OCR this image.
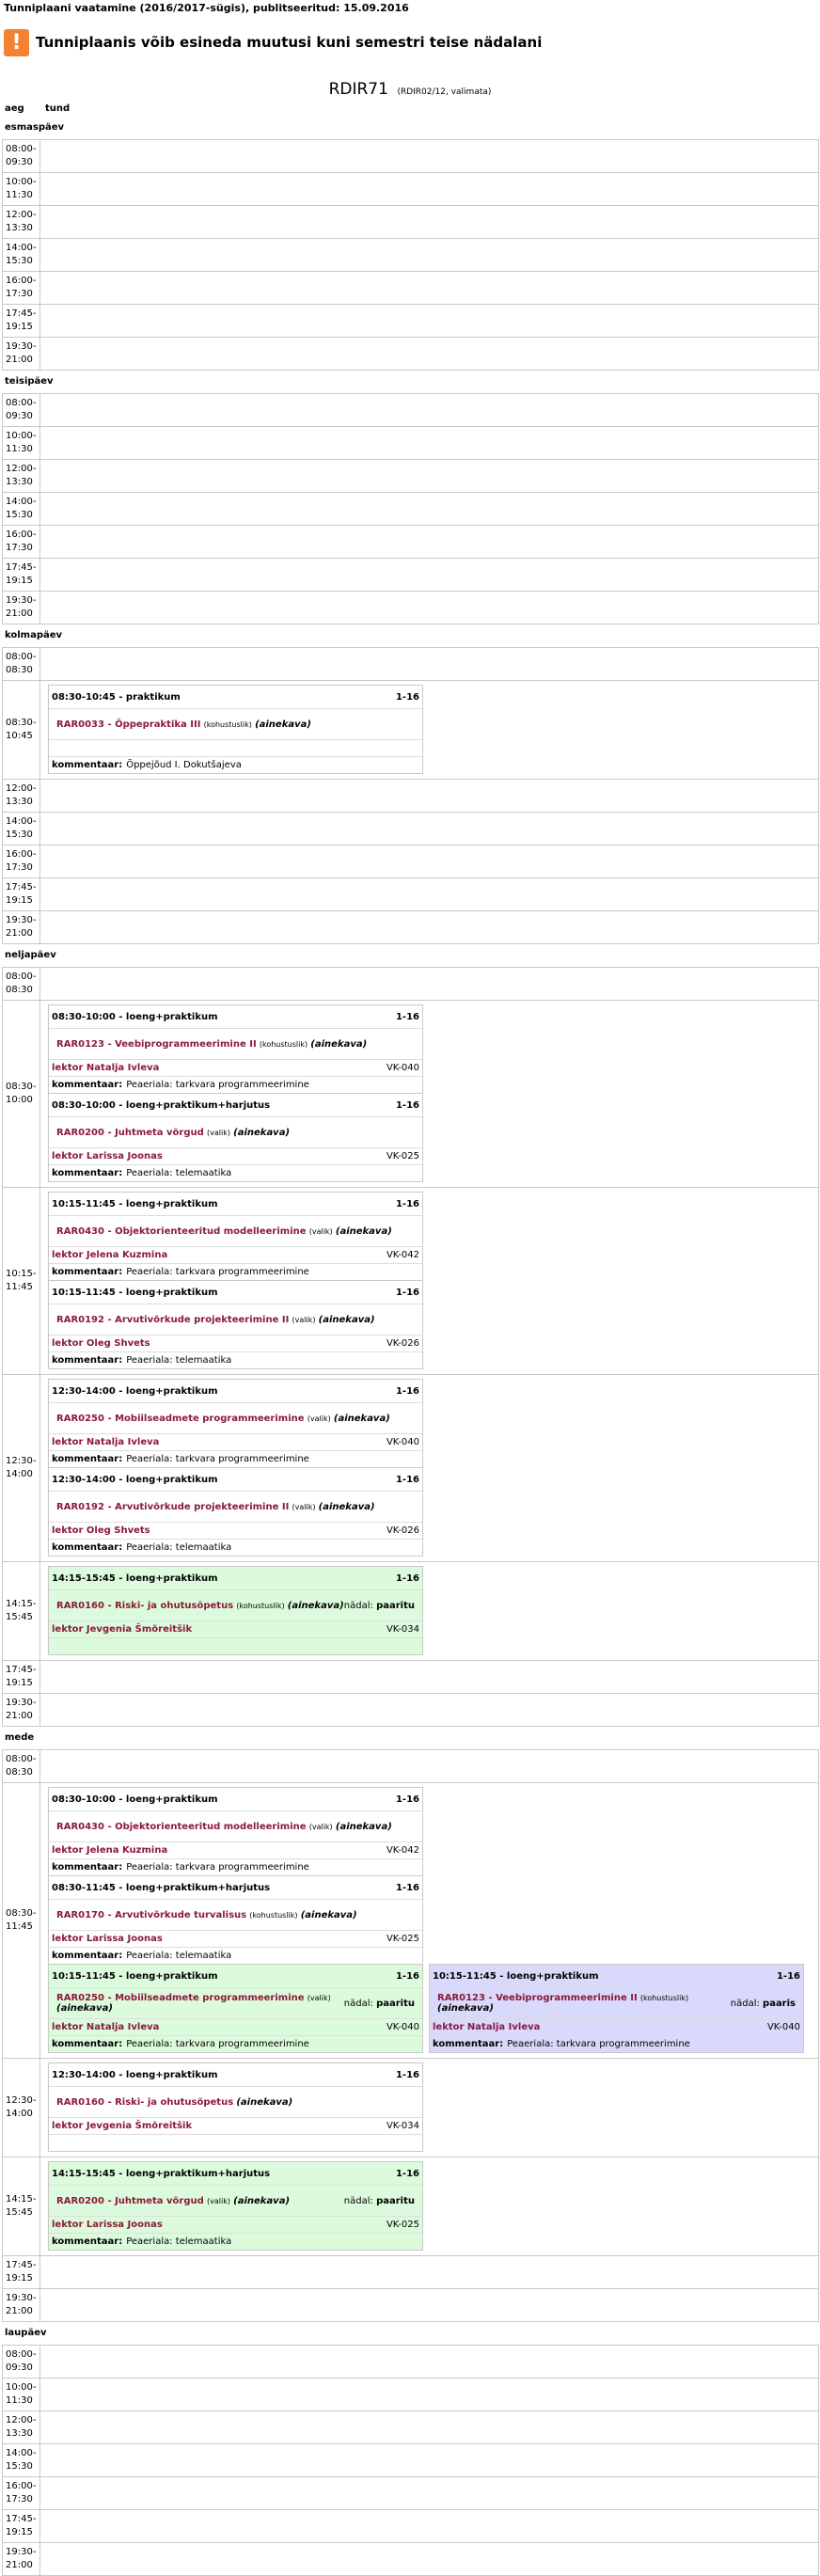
Tunniplaani vaatamine (2016/2017-sügis), publitseeritud: 15.09.2016
!	Tunniplaanis võib esineda muutusi kuni semestri teise nädalani
RDIR71 (RDIR02/12, valimata)
aeg tund
esmaspäev
08:00-09:30
10:00-11:30
12:00-13:30
14:00-15:30
16:00-17:30
17:45-19:15
19:30-21:00
teisipäev
08:00-09:30
10:00-11:30
12:00-13:30
14:00-15:30
16:00-17:30
17:45-19:15
19:30-21:00
kolmapäev
08:00-08:30
08:30-10:45
08:30-10:45 - praktikum	1-16
RAR0033 - Õppepraktika III (kohustuslik) (ainekava)
kommentaar: Õppejõud I. Dokutšajeva
12:00-13:30
14:00-15:30
16:00-17:30
17:45-19:15
19:30-21:00
neljapäev
08:00-08:30
08:30-10:00
08:30-10:00 - loeng+praktikum	1-16
RAR0123 - Veebiprogrammeerimine II (kohustuslik) (ainekava)
lektor Natalja Ivleva	VK-040
kommentaar: Peaeriala: tarkvara programmeerimine
08:30-10:00 - loeng+praktikum+harjutus	1-16
RAR0200 - Juhtmeta võrgud (valik) (ainekava)
lektor Larissa Joonas	VK-025
kommentaar: Peaeriala: telemaatika
10:15-11:45
10:15-11:45 - loeng+praktikum	1-16
RAR0430 - Objektorienteeritud modelleerimine (valik) (ainekava)
lektor Jelena Kuzmina	VK-042
kommentaar: Peaeriala: tarkvara programmeerimine
10:15-11:45 - loeng+praktikum	1-16
RAR0192 - Arvutivõrkude projekteerimine II (valik) (ainekava)
lektor Oleg Shvets	VK-026
kommentaar: Peaeriala: telemaatika
12:30-14:00
12:30-14:00 - loeng+praktikum	1-16
RAR0250 - Mobiilseadmete programmeerimine (valik) (ainekava)
lektor Natalja Ivleva	VK-040
kommentaar: Peaeriala: tarkvara programmeerimine
12:30-14:00 - loeng+praktikum	1-16
RAR0192 - Arvutivõrkude projekteerimine II (valik) (ainekava)
lektor Oleg Shvets	VK-026
kommentaar: Peaeriala: telemaatika
14:15-15:45
14:15-15:45 - loeng+praktikum	1-16
RAR0160 - Riski- ja ohutusõpetus (kohustuslik) (ainekava) nädal: paaritu
lektor Jevgenia Šmõreitšik	VK-034
17:45-19:15
19:30-21:00
mede
08:00-08:30
08:30-11:45
08:30-10:00 - loeng+praktikum	1-16
RAR0430 - Objektorienteeritud modelleerimine (valik) (ainekava)
lektor Jelena Kuzmina	VK-042
kommentaar: Peaeriala: tarkvara programmeerimine
08:30-11:45 - loeng+praktikum+harjutus	1-16
RAR0170 - Arvutivõrkude turvalisus (kohustuslik) (ainekava)
lektor Larissa Joonas	VK-025
kommentaar: Peaeriala: telemaatika
10:15-11:45 - loeng+praktikum	1-16
RAR0250 - Mobiilseadmete programmeerimine (valik) (ainekava)	nädal: paaritu
lektor Natalja Ivleva	VK-040
kommentaar: Peaeriala: tarkvara programmeerimine
10:15-11:45 - loeng+praktikum	1-16
RAR0123 - Veebiprogrammeerimine II (kohustuslik) (ainekava)	nädal: paaris
lektor Natalja Ivleva	VK-040
kommentaar: Peaeriala: tarkvara programmeerimine
12:30-14:00
12:30-14:00 - loeng+praktikum	1-16
RAR0160 - Riski- ja ohutusõpetus (ainekava)
lektor Jevgenia Šmõreitšik	VK-034
14:15-15:45
14:15-15:45 - loeng+praktikum+harjutus	1-16
RAR0200 - Juhtmeta võrgud (valik) (ainekava)	nädal: paaritu
lektor Larissa Joonas	VK-025
kommentaar: Peaeriala: telemaatika
17:45-19:15
19:30-21:00
laupäev
08:00-09:30
10:00-11:30
12:00-13:30
14:00-15:30
16:00-17:30
17:45-19:15
19:30-21:00
